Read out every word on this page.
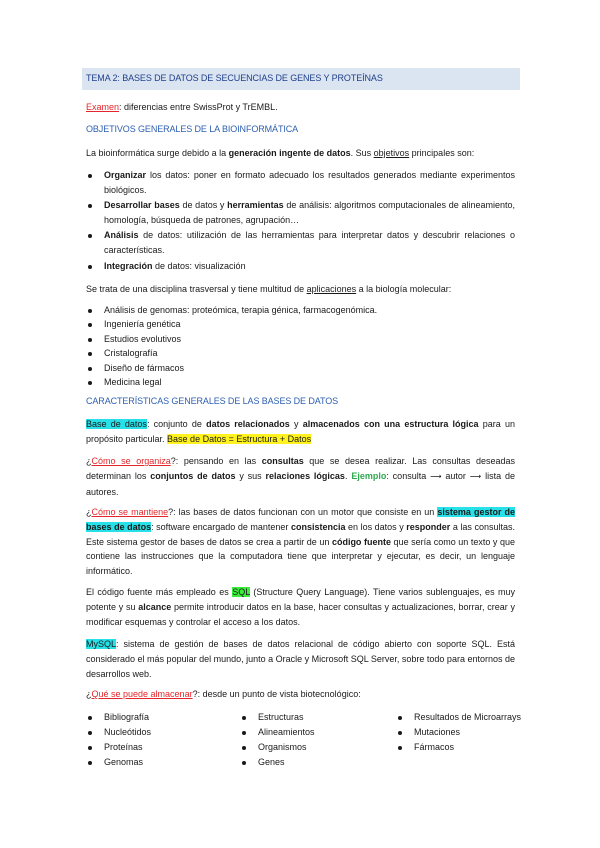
TEMA 2: BASES DE DATOS DE SECUENCIAS DE GENES Y PROTEÍNAS
Examen: diferencias entre SwissProt y TrEMBL.
OBJETIVOS GENERALES DE LA BIOINFORMÁTICA
La bioinformática surge debido a la generación ingente de datos. Sus objetivos principales son:
Organizar los datos: poner en formato adecuado los resultados generados mediante experimentos biológicos.
Desarrollar bases de datos y herramientas de análisis: algoritmos computacionales de alineamiento, homología, búsqueda de patrones, agrupación…
Análisis de datos: utilización de las herramientas para interpretar datos y descubrir relaciones o características.
Integración de datos: visualización
Se trata de una disciplina trasversal y tiene multitud de aplicaciones a la biología molecular:
Análisis de genomas: proteómica, terapia génica, farmacogenómica.
Ingeniería genética
Estudios evolutivos
Cristalografía
Diseño de fármacos
Medicina legal
CARACTERÍSTICAS GENERALES DE LAS BASES DE DATOS
Base de datos: conjunto de datos relacionados y almacenados con una estructura lógica para un propósito particular. Base de Datos = Estructura + Datos
¿Cómo se organiza?: pensando en las consultas que se desea realizar. Las consultas deseadas determinan los conjuntos de datos y sus relaciones lógicas. Ejemplo: consulta ⟶ autor ⟶ lista de autores.
¿Cómo se mantiene?: las bases de datos funcionan con un motor que consiste en un sistema gestor de bases de datos: software encargado de mantener consistencia en los datos y responder a las consultas. Este sistema gestor de bases de datos se crea a partir de un código fuente que sería como un texto y que contiene las instrucciones que la computadora tiene que interpretar y ejecutar, es decir, un lenguaje informático.
El código fuente más empleado es SQL (Structure Query Language). Tiene varios sublenguajes, es muy potente y su alcance permite introducir datos en la base, hacer consultas y actualizaciones, borrar, crear y modificar esquemas y controlar el acceso a los datos.
MySQL: sistema de gestión de bases de datos relacional de código abierto con soporte SQL. Está considerado el más popular del mundo, junto a Oracle y Microsoft SQL Server, sobre todo para entornos de desarrollos web.
¿Qué se puede almacenar?: desde un punto de vista biotecnológico:
Bibliografía
Nucleótidos
Proteínas
Genomas
Estructuras
Alineamientos
Organismos
Genes
Resultados de Microarrays
Mutaciones
Fármacos
